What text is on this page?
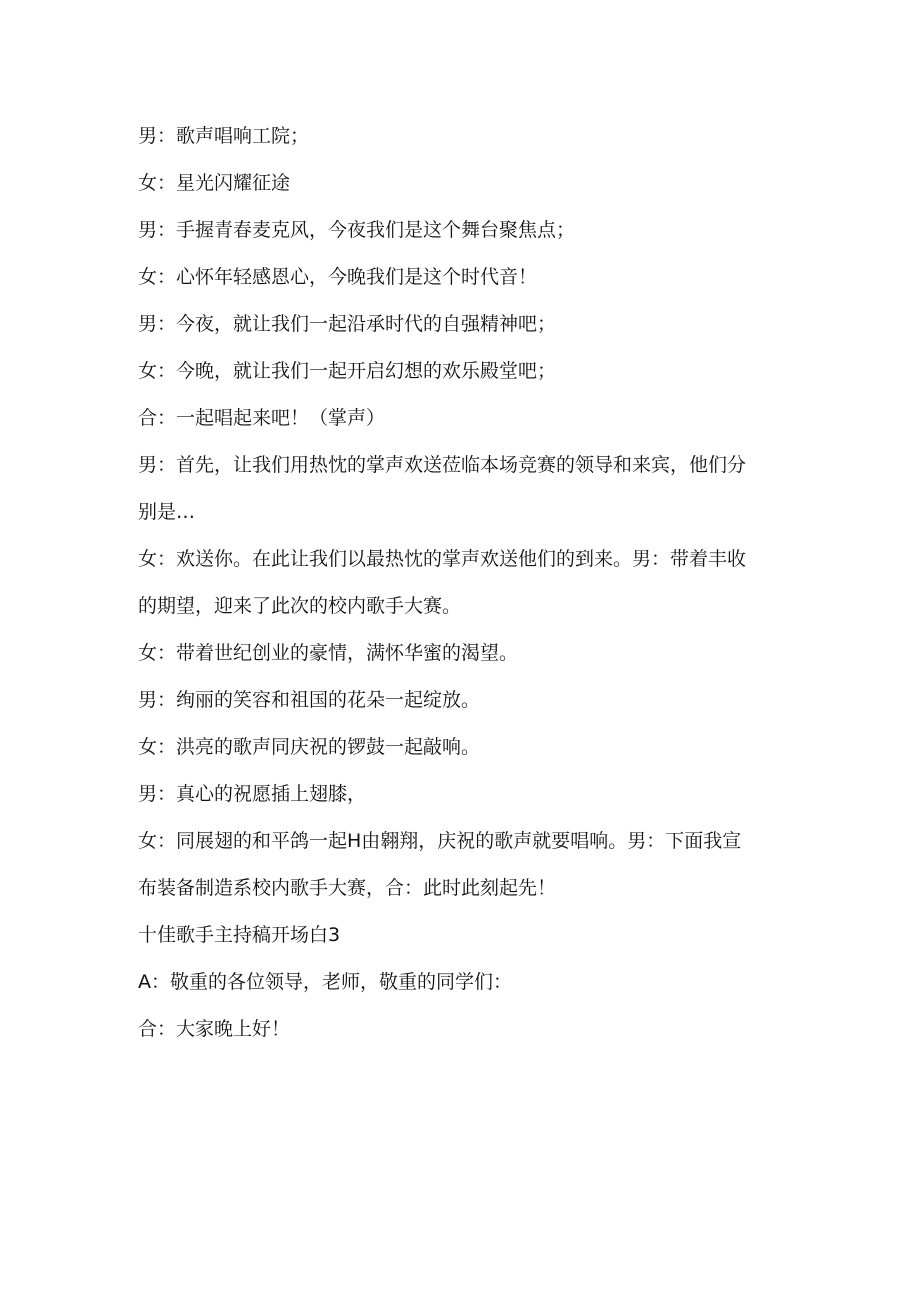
男：歌声唱响工院；

女：星光闪耀征途

男：手握青春麦克风，今夜我们是这个舞台聚焦点；

女：心怀年轻感恩心，今晚我们是这个时代音！

男：今夜，就让我们一起沿承时代的自强精神吧；

女：今晚，就让我们一起开启幻想的欢乐殿堂吧；

合：一起唱起来吧！（掌声）

男：首先，让我们用热忱的掌声欢送莅临本场竞赛的领导和来宾，他们分

别是…

女：欢送你。在此让我们以最热忱的掌声欢送他们的到来。男：带着丰收

的期望，迎来了此次的校内歌手大赛。

女：带着世纪创业的豪情，满怀华蜜的渴望。

男：绚丽的笑容和祖国的花朵一起绽放。

女：洪亮的歌声同庆祝的锣鼓一起敲响。

男：真心的祝愿插上翅膝，

女：同展翅的和平鸽一起H由翱翔，庆祝的歌声就要唱响。男：下面我宣

布装备制造系校内歌手大赛，合：此时此刻起先！

十佳歌手主持稿开场白3

A：敬重的各位领导，老师，敬重的同学们：

合：大家晚上好！
